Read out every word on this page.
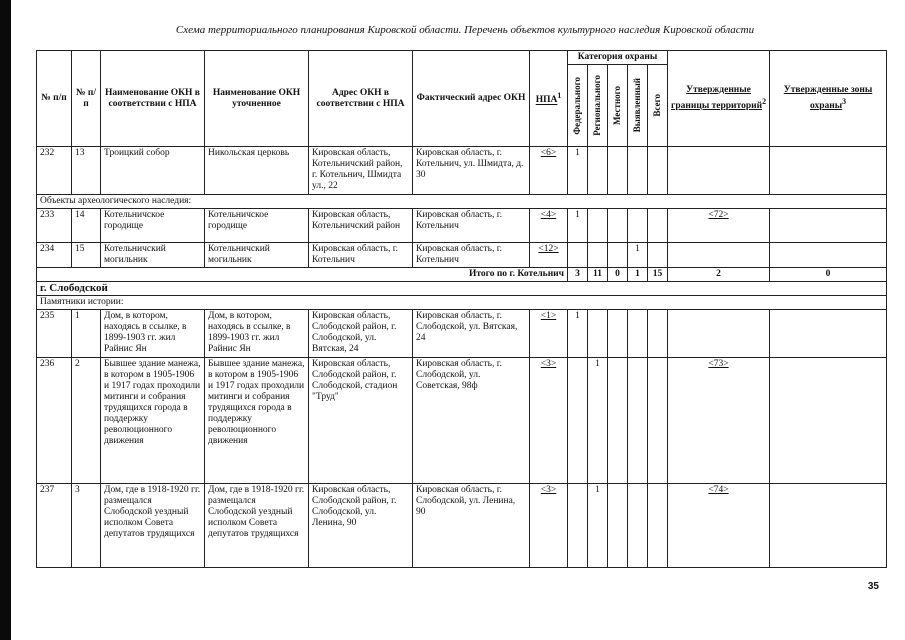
Схема территориального планирования Кировской области. Перечень объектов культурного наследия Кировской области
№ п/п	№ п/п	Наименование ОКН в соответствии с НПА	Наименование ОКН уточненное	Адрес ОКН в соответствии с НПА	Фактический адрес ОКН	НПА$^1$	Категория охраны					Утвержденные границы территорий$^2$	Утвержденные зоны охраны$^3$

							Федерального	Регионального	Местного	Выявленный	Всего		

232	13	Троицкий собор	Никольская церковь	Кировская область, Котельничский район, г. Котельнич, Шмидта ул., 22	Кировская область, г. Котельнич, ул. Шмидта, д. 30	<6>	1						
Объекты археологического наследия:													
233	14	Котельничское городище	Котельничское городище	Кировская область, Котельничский район	Кировская область, г. Котельнич	<4>	1					<72>	
234	15	Котельничский могильник	Котельничский могильник	Кировская область, г. Котельнич	Кировская область, г. Котельнич	<12>				1			
Итого по г. Котельнич							3	11	0	1	15	2	0
г. Слободской													
Памятники истории:													
235	1	Дом, в котором, находясь в ссылке, в 1899-1903 гг. жил Райнис Ян	Дом, в котором, находясь в ссылке, в 1899-1903 гг. жил Райнис Ян	Кировская область, Слободской район, г. Слободской, ул. Вятская, 24	Кировская область, г. Слободской, ул. Вятская, 24	<1>	1						
236	2	Бывшее здание манежа, в котором в 1905-1906 и 1917 годах проходили митинги и собрания трудящихся города в поддержку революционного движения	Бывшее здание манежа, в котором в 1905-1906 и 1917 годах проходили митинги и собрания трудящихся города в поддержку революционного движения	Кировская область, Слободской район, г. Слободской, стадион "Труд"	Кировская область, г. Слободской, ул. Советская, 98ф	<3>		1				<73>	
237	3	Дом, где в 1918-1920 гг. размещался Слободской уездный исполком Совета депутатов трудящихся	Дом, где в 1918-1920 гг. размещался Слободской уездный исполком Совета депутатов трудящихся	Кировская область, Слободской район, г. Слободской, ул. Ленина, 90	Кировская область, г. Слободской, ул. Ленина, 90	<3>		1				<74>	
35
